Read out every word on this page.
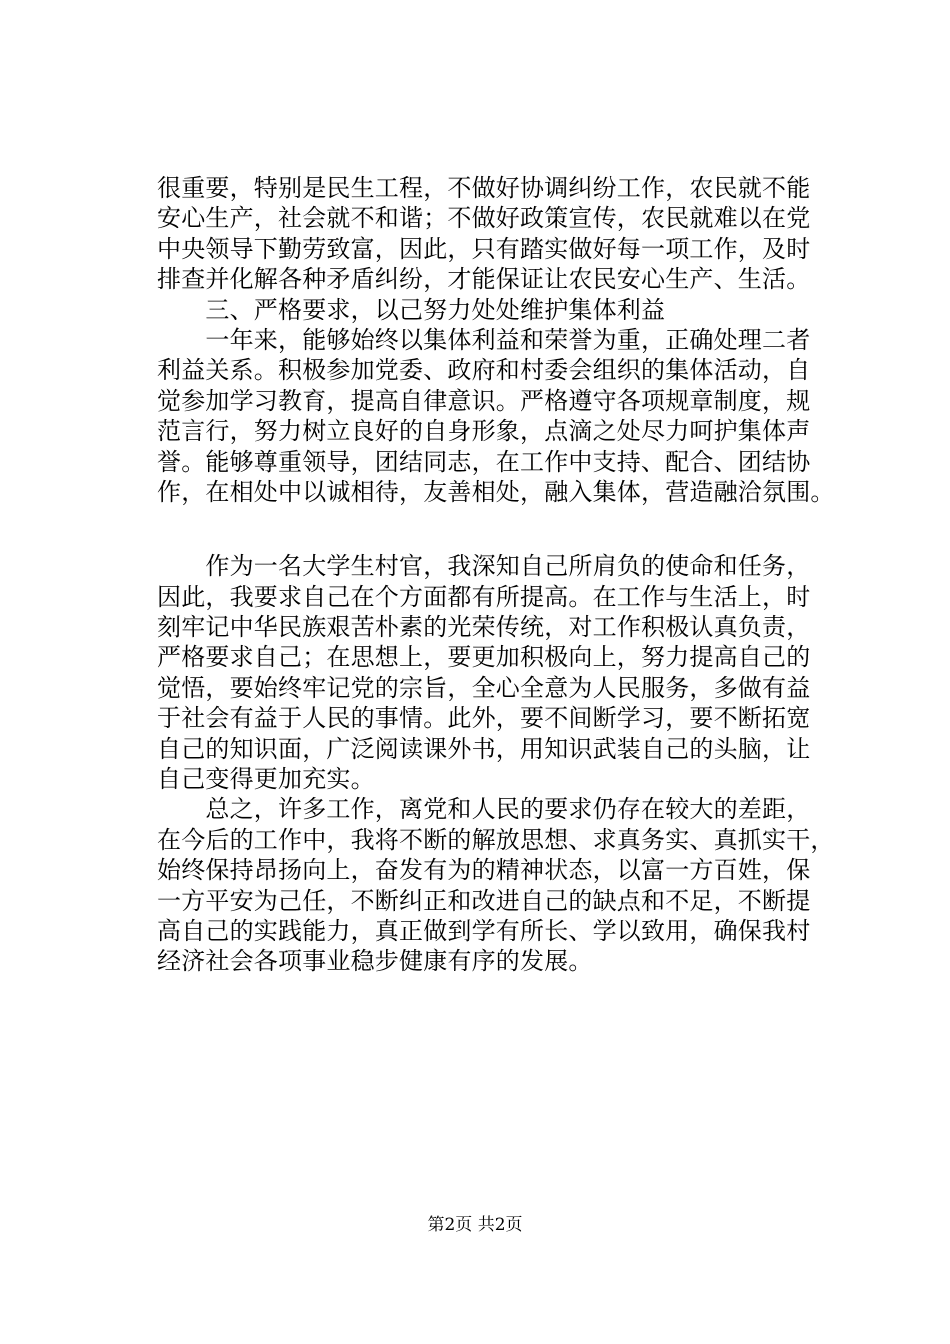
很重要，特别是民生工程，不做好协调纠纷工作，农民就不能
安心生产，社会就不和谐；不做好政策宣传，农民就难以在党
中央领导下勤劳致富，因此，只有踏实做好每一项工作，及时
排查并化解各种矛盾纠纷，才能保证让农民安心生产、生活。
　　三、严格要求，以己努力处处维护集体利益
　　一年来，能够始终以集体利益和荣誉为重，正确处理二者
利益关系。积极参加党委、政府和村委会组织的集体活动，自
觉参加学习教育，提高自律意识。严格遵守各项规章制度，规
范言行，努力树立良好的自身形象，点滴之处尽力呵护集体声
誉。能够尊重领导，团结同志，在工作中支持、配合、团结协
作，在相处中以诚相待，友善相处，融入集体，营造融洽氛围。
　　作为一名大学生村官，我深知自己所肩负的使命和任务，
因此，我要求自己在个方面都有所提高。在工作与生活上，时
刻牢记中华民族艰苦朴素的光荣传统，对工作积极认真负责，
严格要求自己；在思想上，要更加积极向上，努力提高自己的
觉悟，要始终牢记党的宗旨，全心全意为人民服务，多做有益
于社会有益于人民的事情。此外，要不间断学习，要不断拓宽
自己的知识面，广泛阅读课外书，用知识武装自己的头脑，让
自己变得更加充实。
　　总之，许多工作，离党和人民的要求仍存在较大的差距，
在今后的工作中，我将不断的解放思想、求真务实、真抓实干，
始终保持昂扬向上，奋发有为的精神状态，以富一方百姓，保
一方平安为己任，不断纠正和改进自己的缺点和不足，不断提
高自己的实践能力，真正做到学有所长、学以致用，确保我村
经济社会各项事业稳步健康有序的发展。
第2页 共2页
